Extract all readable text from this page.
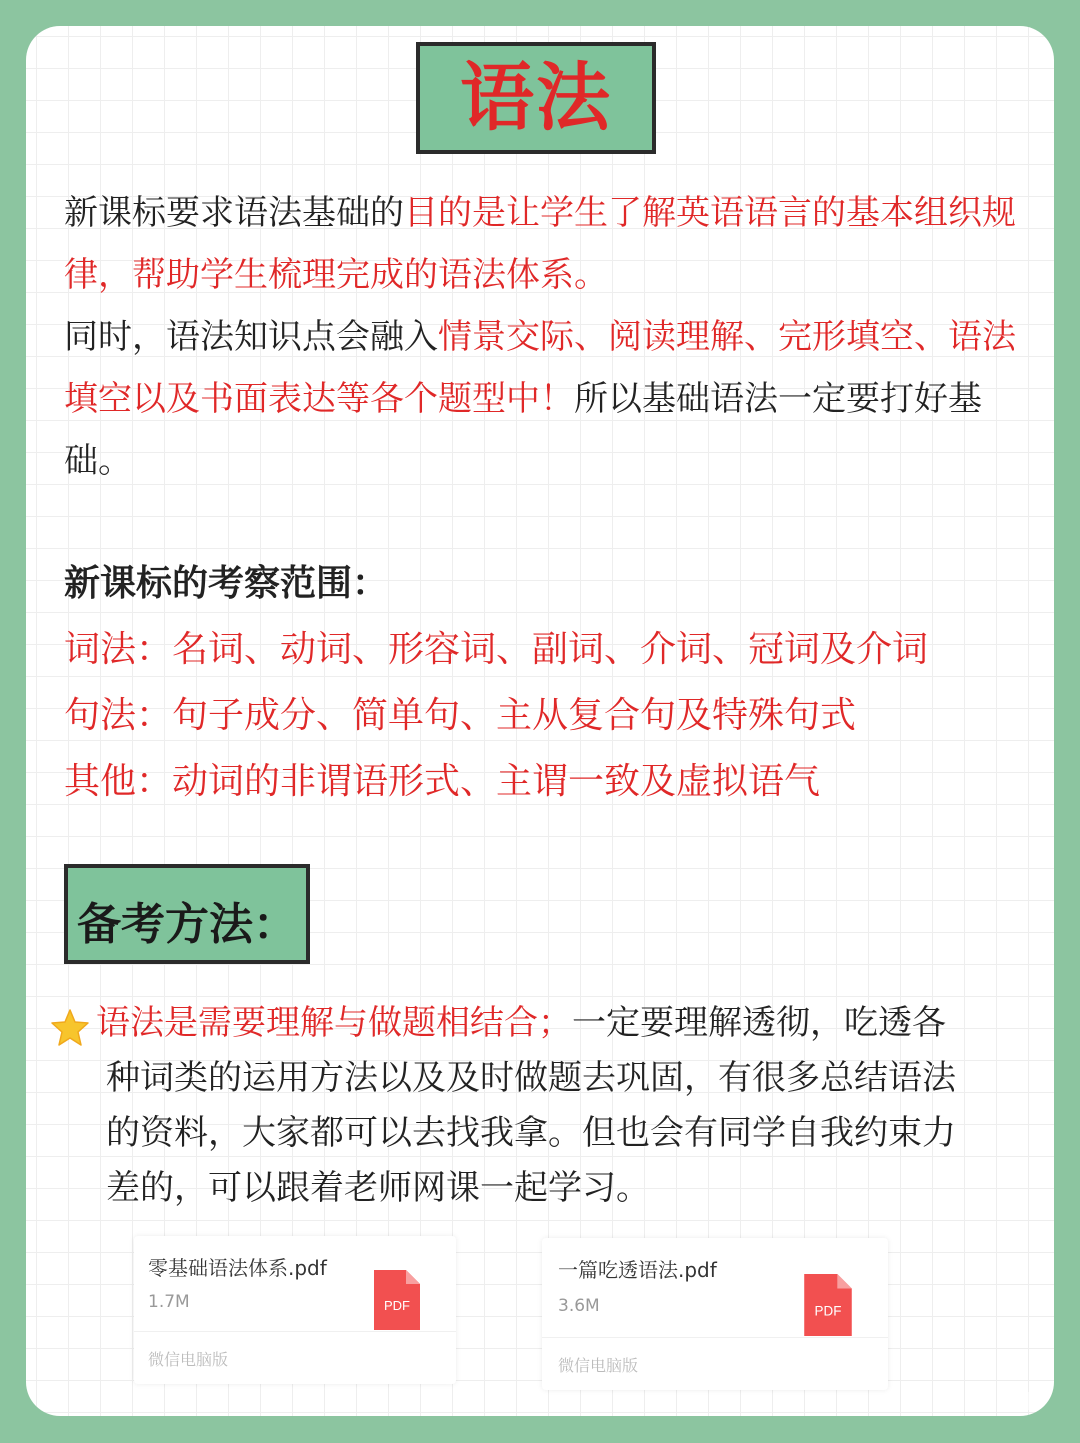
语法

新课标要求语法基础的目的是让学生了解英语语言的基本组织规律，帮助学生梳理完成的语法体系。

同时，语法知识点会融入情景交际、阅读理解、完形填空、语法填空以及书面表达等各个题型中！所以基础语法一定要打好基础。

新课标的考察范围：
词法：名词、动词、形容词、副词、介词、冠词及介词
句法：句子成分、简单句、主从复合句及特殊句式
其他：动词的非谓语形式、主谓一致及虚拟语气
备考方法：
语法是需要理解与做题相结合；一定要理解透彻，吃透各
种词类的运用方法以及及时做题去巩固，有很多总结语法
的资料，大家都可以去找我拿。但也会有同学自我约束力
差的，可以跟着老师网课一起学习。
零基础语法体系.pdf
1.7M
微信电脑版
PDF
一篇吃透语法.pdf
3.6M
微信电脑版
PDF
